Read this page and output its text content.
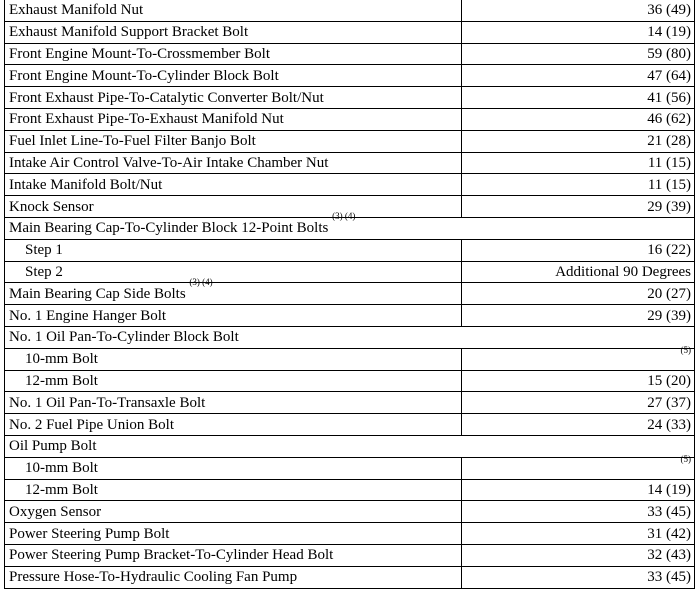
Exhaust Manifold Nut	36 (49)
Exhaust Manifold Support Bracket Bolt	14 (19)
Front Engine Mount-To-Crossmember Bolt	59 (80)
Front Engine Mount-To-Cylinder Block Bolt	47 (64)
Front Exhaust Pipe-To-Catalytic Converter Bolt/Nut	41 (56)
Front Exhaust Pipe-To-Exhaust Manifold Nut	46 (62)
Fuel Inlet Line-To-Fuel Filter Banjo Bolt	21 (28)
Intake Air Control Valve-To-Air Intake Chamber Nut	11 (15)
Intake Manifold Bolt/Nut	11 (15)
Knock Sensor	29 (39)
Main Bearing Cap-To-Cylinder Block 12-Point Bolts $^{(3) (4)}$
Step 1	16 (22)
Step 2	Additional 90 Degrees
Main Bearing Cap Side Bolts $^{(3) (4)}$	20 (27)
No. 1 Engine Hanger Bolt	29 (39)
No. 1 Oil Pan-To-Cylinder Block Bolt	
10-mm Bolt	$^{(5)}$
12-mm Bolt	15 (20)
No. 1 Oil Pan-To-Transaxle Bolt	27 (37)
No. 2 Fuel Pipe Union Bolt	24 (33)
Oil Pump Bolt	
10-mm Bolt	$^{(5)}$
12-mm Bolt	14 (19)
Oxygen Sensor	33 (45)
Power Steering Pump Bolt	31 (42)
Power Steering Pump Bracket-To-Cylinder Head Bolt	32 (43)
Pressure Hose-To-Hydraulic Cooling Fan Pump	33 (45)
